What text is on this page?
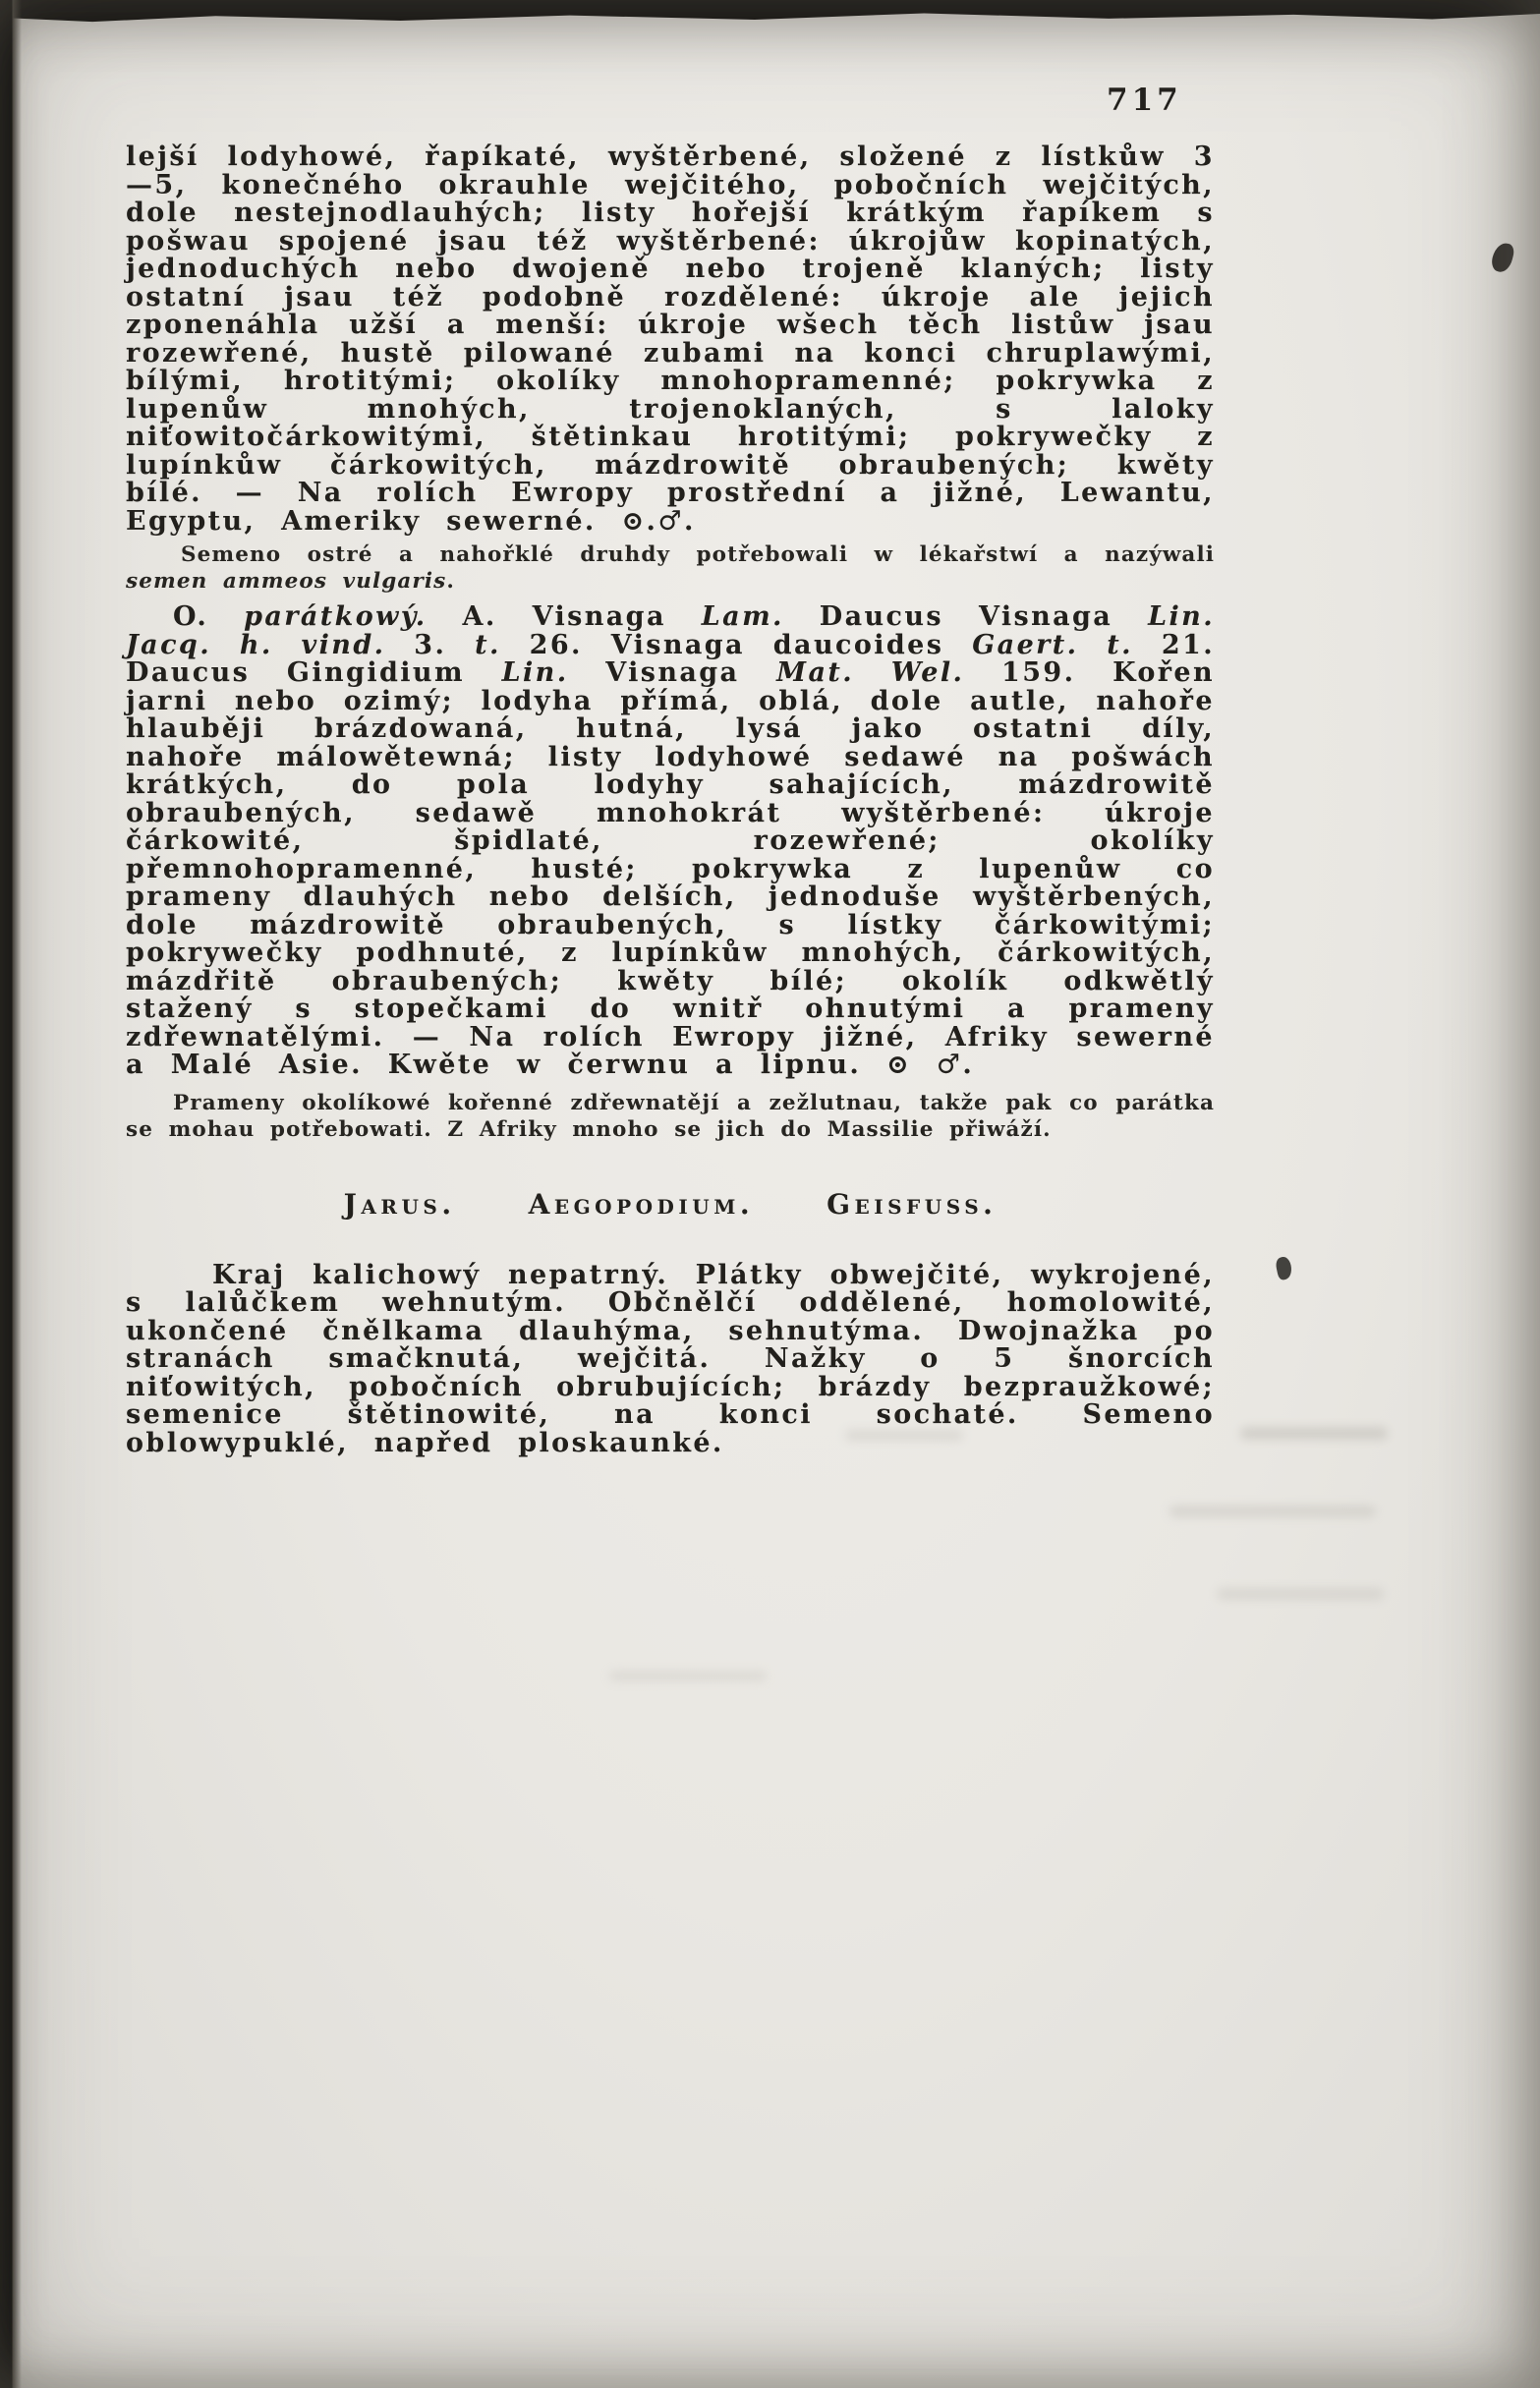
717

lejší lodyhowé, řapíkaté, wyštěrbené, složené z lístkůw 3—5, konečného okrauhle wejčitého, pobočních wejčitých, dole nestejnodlauhých; listy hořejší krátkým řapíkem s pošwau spojené jsau též wyštěrbené: úkrojůw kopinatých, jednoduchých nebo dwojeně nebo trojeně klaných; listy ostatní jsau též podobně rozdělené: úkroje ale jejich zponenáhla užší a menší: úkroje wšech těch listůw jsau rozewřené, hustě pilowané zubami na konci chruplawými, bílými, hrotitými; okolíky mnohopramenné; pokrywka z lupenůw mnohých, trojenoklaných, s laloky niťowitočárkowitými, štětinkau hrotitými; pokrywečky z lupínkůw čárkowitých, mázdrowitě obraubených; kwěty bílé. — Na rolích Ewropy prostřední a jižné, Lewantu, Egyptu, Ameriky sewerné. ⊙.♂.

Semeno ostré a nahořklé druhdy potřebowali w lékařstwí a nazýwali semen ammeos vulgaris.

O. parátkowý. A. Visnaga Lam. Daucus Visnaga Lin. Jacq. h. vind. 3. t. 26. Visnaga daucoides Gaert. t. 21. Daucus Gingidium Lin. Visnaga Mat. Wel. 159. Kořen jarni nebo ozimý; lodyha přímá, oblá, dole autle, nahoře hlauběji brázdowaná, hutná, lysá jako ostatni díly, nahoře málowětewná; listy lodyhowé sedawé na pošwách krátkých, do pola lodyhy sahajících, mázdrowitě obraubených, sedawě mnohokrát wyštěrbené: úkroje čárkowité, špidlaté, rozewřené; okolíky přemnohopramenné, husté; pokrywka z lupenůw co prameny dlauhých nebo delších, jednoduše wyštěrbených, dole mázdrowitě obraubených, s lístky čárkowitými; pokrywečky podhnuté, z lupínkůw mnohých, čárkowitých, mázdřitě obraubených; kwěty bílé; okolík odkwětlý stažený s stopečkami do wnitř ohnutými a prameny zdřewnatělými. — Na rolích Ewropy jižné, Afriky sewerné a Malé Asie. Kwěte w čerwnu a lipnu. ⊙ ♂.

Prameny okolíkowé kořenné zdřewnatějí a zežlutnau, takže pak co parátka se mohau potřebowati. Z Afriky mnoho se jich do Massilie přiwáží.

Jarus.	Aegopodium.	Geisfuss.

Kraj kalichowý nepatrný. Plátky obwejčité, wykrojené, s lalůčkem wehnutým. Občnělčí oddělené, homolowité, ukončené čnělkama dlauhýma, sehnutýma. Dwojnažka po stranách smačknutá, wejčitá. Nažky o 5 šnorcích niťowitých, pobočních obrubujících; brázdy bezpraužkowé; semenice štětinowité, na konci sochaté. Semeno oblowypuklé, napřed ploskaunké.
